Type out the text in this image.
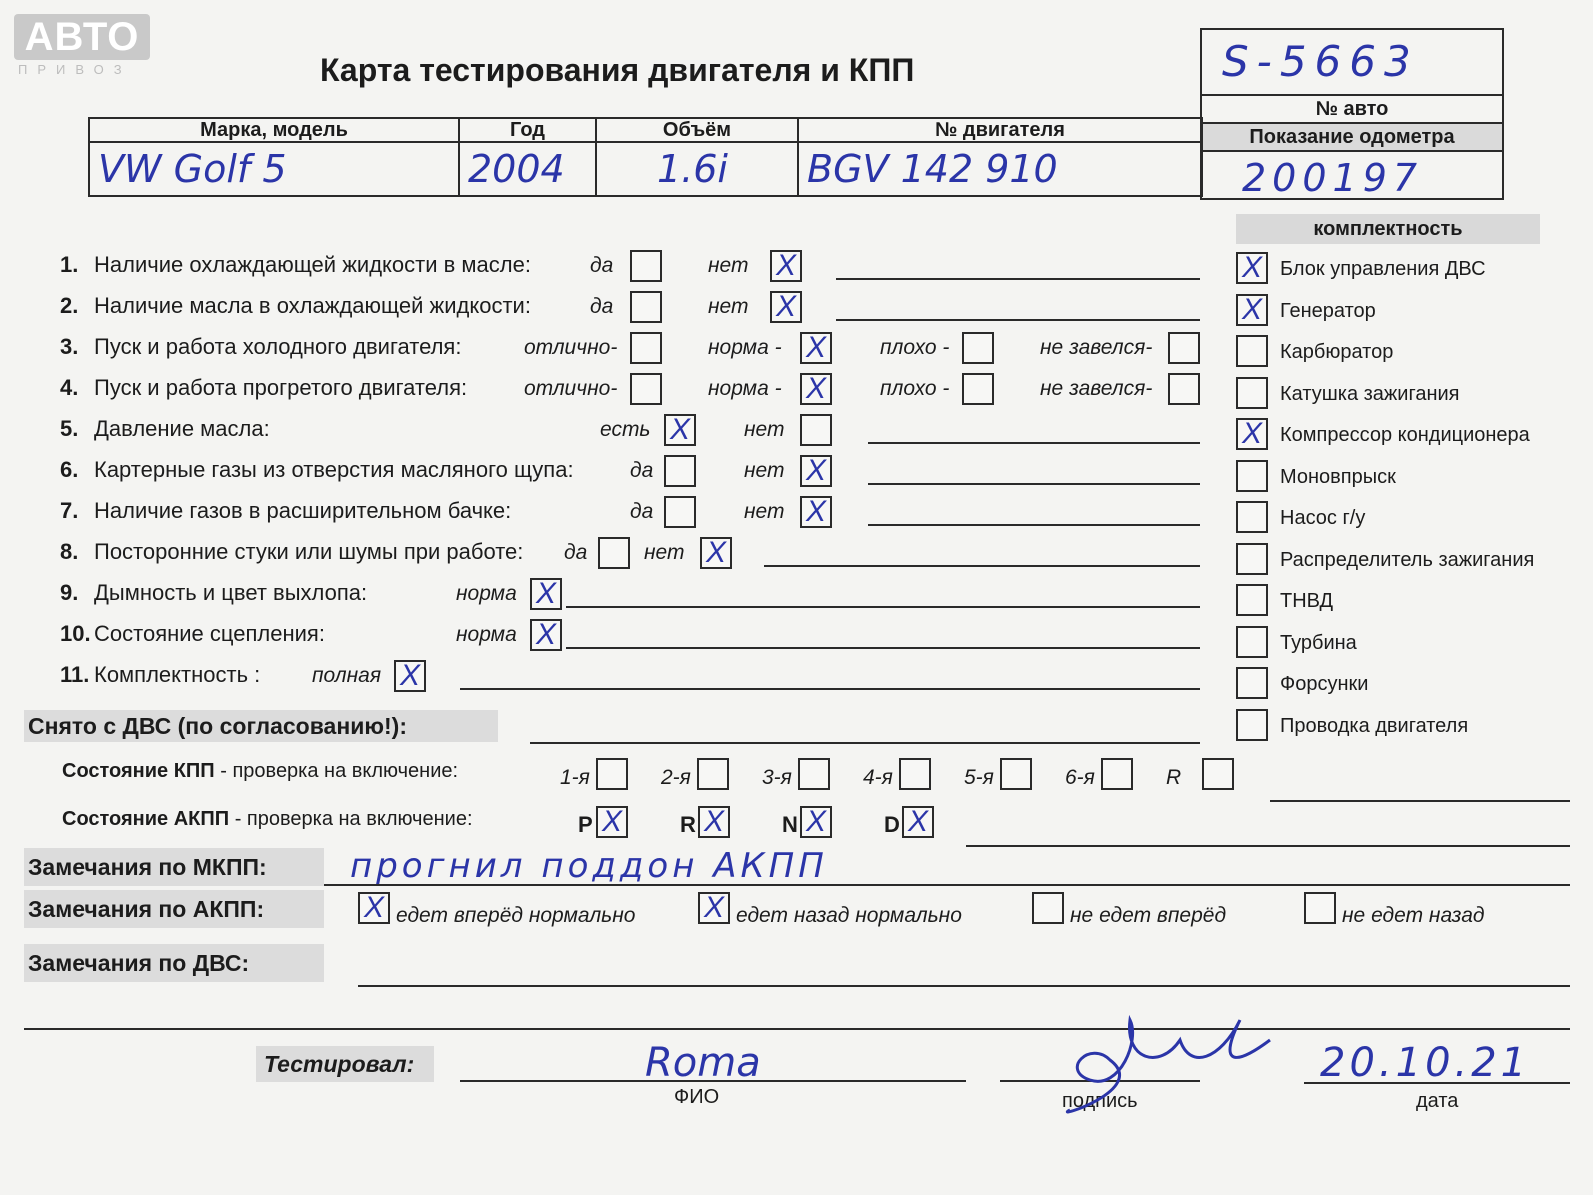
АВТО
ПРИВОЗ	Карта тестирования двигателя и КПП	S-5663
№ авто
Показание одометра
200197
Марка, модель	Год	Объём	№ двигателя

VW Golf 5	2004	1.6i	BGV 142 910
комплектность
X Блок управления ДВС
X Генератор
Карбюратор
Катушка зажигания
X Компрессор кондиционера
Моновпрыск
Насос г/у
Распределитель зажигания
ТНВД
Турбина
Форсунки
Проводка двигателя
1. Наличие охлаждающей жидкости в масле:	да	нет X
2. Наличие масла в охлаждающей жидкости:	да	нет X
3. Пуск и работа холодного двигателя:	отлично-	норма - X	плохо -	не завелся-
4. Пуск и работа прогретого двигателя:	отлично-	норма - X	плохо -	не завелся-
5. Давление масла:	есть X	нет
6. Картерные газы из отверстия масляного щупа:	да	нет X
7. Наличие газов в расширительном бачке:	да	нет X
8. Посторонние стуки или шумы при работе: да	нет X
9. Дымность и цвет выхлопа:	норма X
10. Состояние сцепления:	норма X
11. Комплектность : полная X
Снято с ДВС (по согласованию!):
Состояние КПП - проверка на включение:	1-я	2-я	3-я	4-я	5-я	6-я	R
Состояние АКПП - проверка на включение:	P X	R X	N X	D X
Замечания по МКПП:	прогнил поддон АКПП
Замечания по АКПП:	X едет вперёд нормально X едет назад нормально	не едет вперёд	не едет назад
Замечания по ДВС:
Тестировал:	Roma
ФИО	подпись
20.10.21
дата
